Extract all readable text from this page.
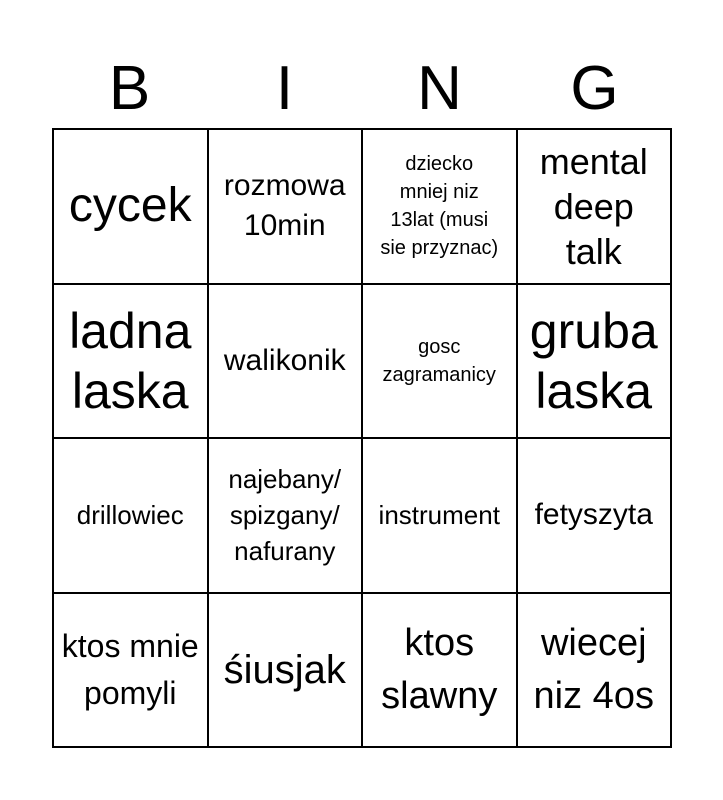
B	I	N	G
cycek	rozmowa 10min
dziecko mniej niz 13lat (musi sie przyznac)
mental deep talk
ladna laska
walikonik	gosc zagramanicy
gruba laska
drillowiec
najebany/ spizgany/ nafurany
instrument fetyszyta
ktos mnie pomyli
śiusjak
ktos slawny
wiecej niz 4os
